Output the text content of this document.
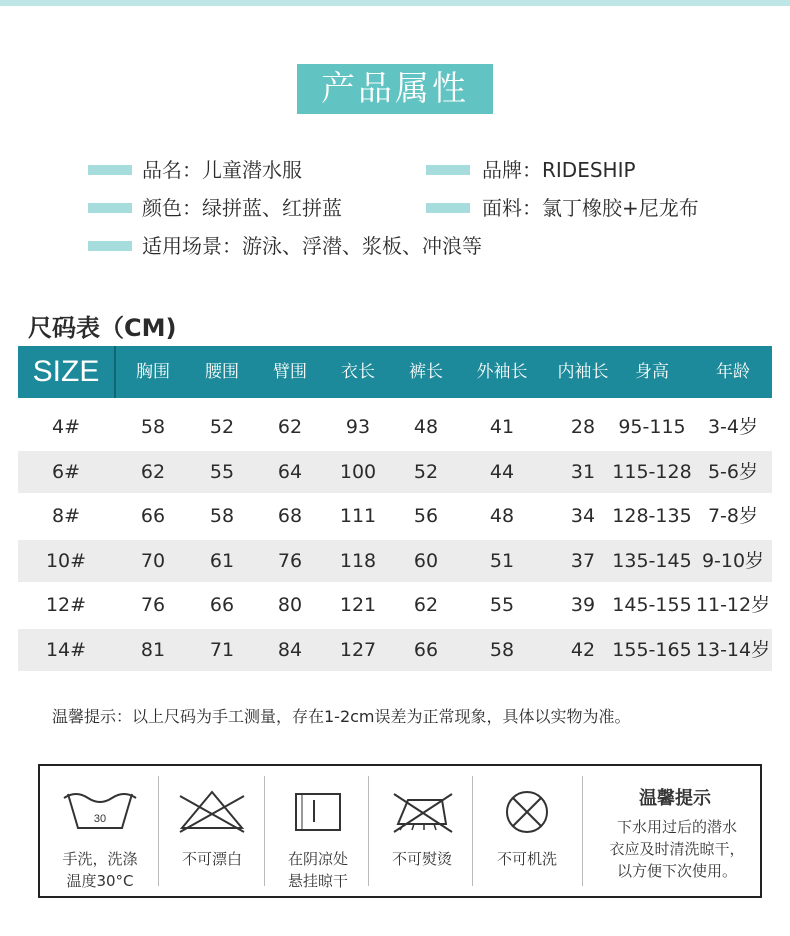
产品属性
品名：儿童潜水服	品牌：RIDESHIP
颜色：绿拼蓝、红拼蓝	面料：氯丁橡胶+尼龙布
适用场景：游泳、浮潜、浆板、冲浪等
尺码表（CM)
SIZE	胸围	腰围	臂围	衣长	裤长	外袖长	内袖长	身高	年龄
4#	58	52	62	93	48	41	28	95-115	3-4岁
6#	62	55	64	100	52	44	31 115-128 5-6岁
8#	66	58	68	111	56	48	34 128-135 7-8岁
10#	70	61	76	118	60	51	37 135-145 9-10岁
12#	76	66	80	121	62	55	39 145-155 11-12岁
14#	81	71	84	127	66	58	42 155-165 13-14岁
温馨提示：以上尺码为手工测量，存在1-2cm误差为正常现象，具体以实物为准。
30
手洗，洗涤
温度30°C
不可漂白	在阴凉处
悬挂晾干
不可熨烫	不可机洗
温馨提示
下水用过后的潜水
衣应及时清洗晾干，
以方便下次使用。
